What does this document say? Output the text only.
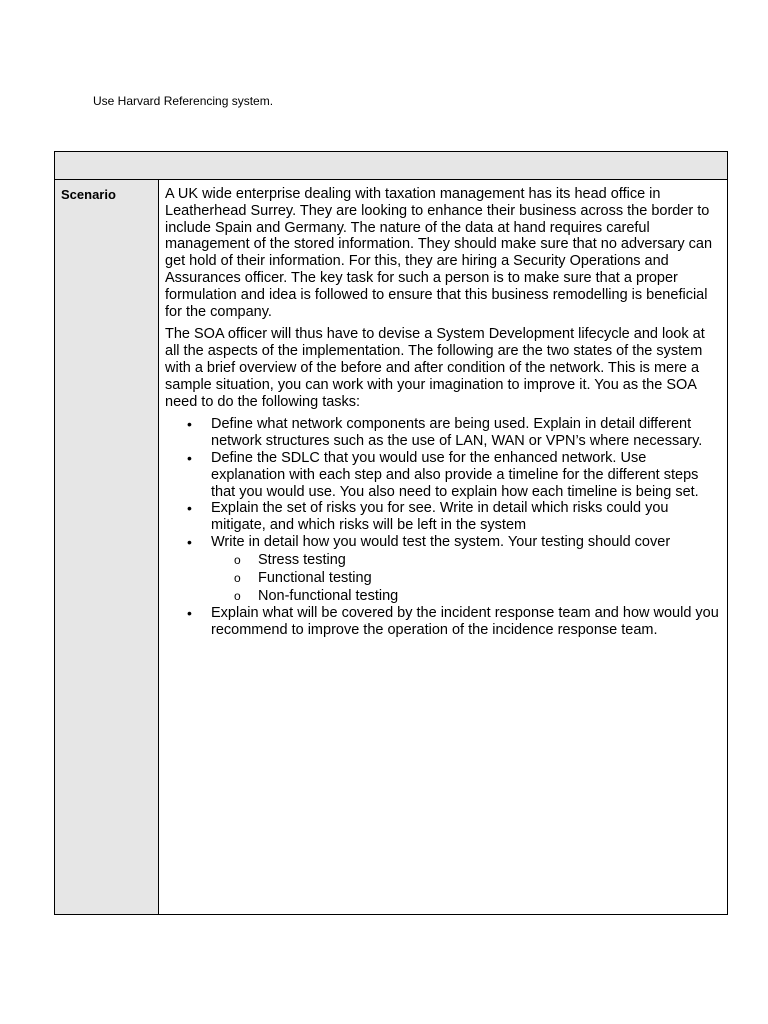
Use Harvard Referencing system.

Scenario	A UK wide enterprise dealing with taxation management has its head office in Leatherhead Surrey. They are looking to enhance their business across the border to include Spain and Germany. The nature of the data at hand requires careful management of the stored information. They should make sure that no adversary can get hold of their information. For this, they are hiring a Security Operations and Assurances officer. The key task for such a person is to make sure that a proper formulation and idea is followed to ensure that this business remodelling is beneficial for the company.

The SOA officer will thus have to devise a System Development lifecycle and look at all the aspects of the implementation. The following are the two states of the system with a brief overview of the before and after condition of the network. This is mere a sample situation, you can work with your imagination to improve it. You as the SOA need to do the following tasks:

• Define what network components are being used. Explain in detail different network structures such as the use of LAN, WAN or VPN’s where necessary.
• Define the SDLC that you would use for the enhanced network. Use explanation with each step and also provide a timeline for the different steps that you would use. You also need to explain how each timeline is being set.
• Explain the set of risks you for see. Write in detail which risks could you mitigate, and which risks will be left in the system
• Write in detail how you would test the system. Your testing should cover
o Stress testing
o Functional testing
o Non-functional testing
• Explain what will be covered by the incident response team and how would you recommend to improve the operation of the incidence response team.
